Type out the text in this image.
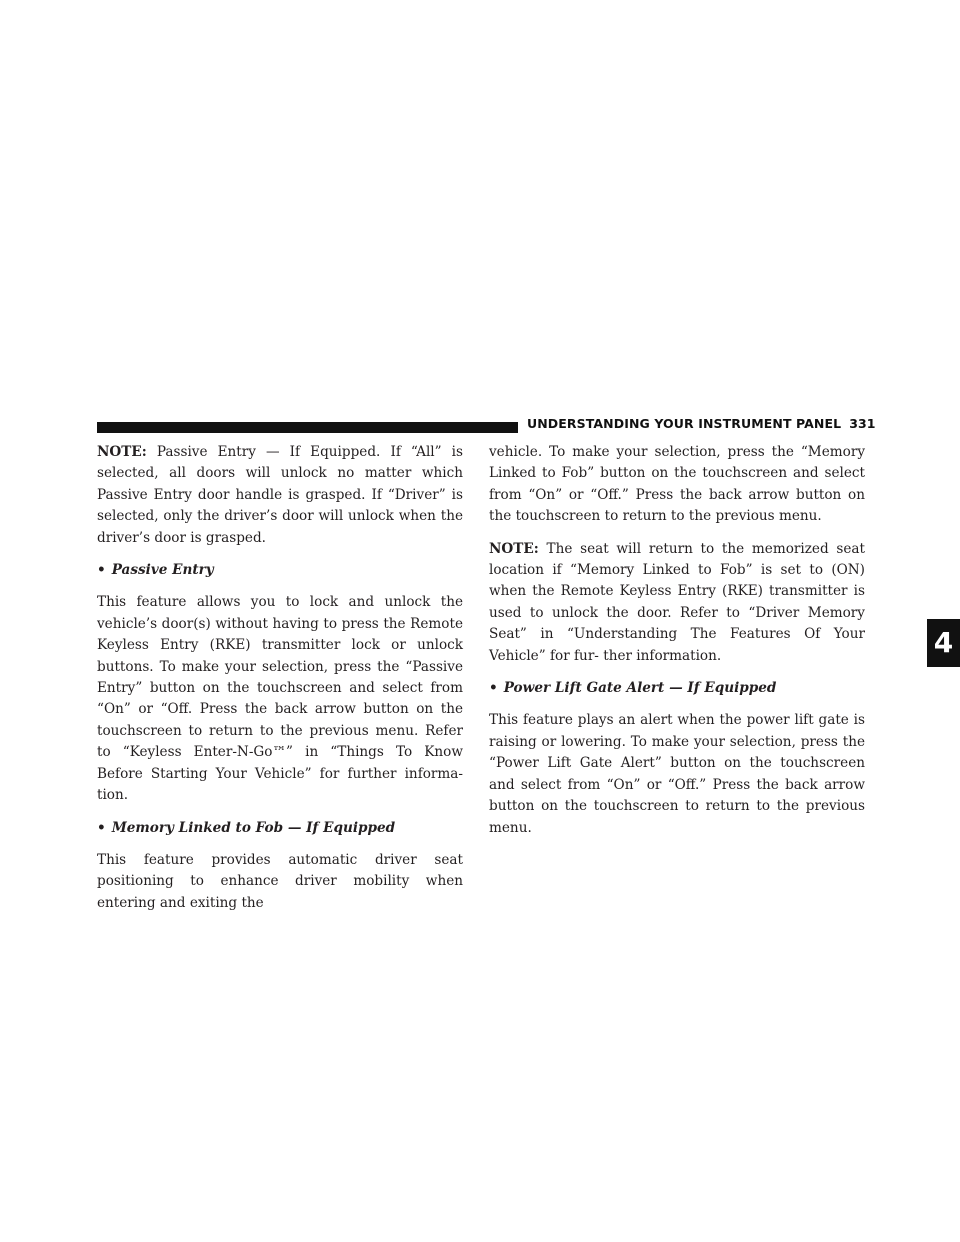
UNDERSTANDING YOUR INSTRUMENT PANEL 331
4

NOTE: Passive Entry — If Equipped. If “All” is selected, all doors will unlock no matter which Passive Entry door handle is grasped. If “Driver” is selected, only the driver’s door will unlock when the driver’s door is grasped.

• Passive Entry

This feature allows you to lock and unlock the vehicle’s door(s) without having to press the Remote Keyless Entry (RKE) transmitter lock or unlock buttons. To make your selection, press the “Passive Entry” button on the touchscreen and select from “On” or “Off. Press the back arrow button on the touchscreen to return to the previous menu. Refer to “Keyless Enter-N-Go™” in “Things To Know Before Starting Your Vehicle” for further informa- tion.

• Memory Linked to Fob — If Equipped

This feature provides automatic driver seat positioning to enhance driver mobility when entering and exiting the

vehicle. To make your selection, press the “Memory Linked to Fob” button on the touchscreen and select from “On” or “Off.” Press the back arrow button on the touchscreen to return to the previous menu.

NOTE: The seat will return to the memorized seat location if “Memory Linked to Fob” is set to (ON) when the Remote Keyless Entry (RKE) transmitter is used to unlock the door. Refer to “Driver Memory Seat” in “Understanding The Features Of Your Vehicle” for fur- ther information.

• Power Lift Gate Alert — If Equipped

This feature plays an alert when the power lift gate is raising or lowering. To make your selection, press the “Power Lift Gate Alert” button on the touchscreen and select from “On” or “Off.” Press the back arrow button on the touchscreen to return to the previous menu.
